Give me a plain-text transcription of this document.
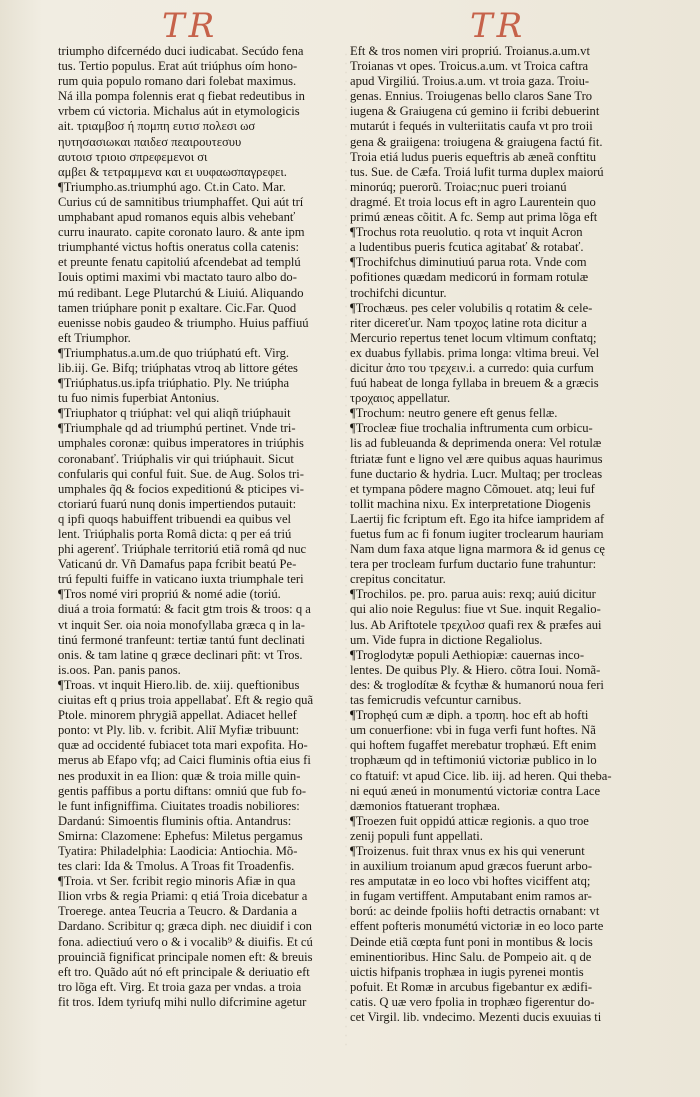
TR	TR
triumpho difcernédo duci iudicabat. Secúdo fena
tus. Tertio populus. Erat aút triúphus oím hono-
rum quia populo romano dari folebat maximus.
Ná illa pompa folennis erat q fiebat redeutibus in
vrbem cú victoria. Michalus aút in etymologicis
ait. τριαμβοσ ή πομπη ευτισ πολεσι ωσ
ηυτησασιωκαι παιδεσ πεαιρουτεσυυ
αυτοισ τριοιο σπρεφεμενοι σι
αμβει & τετραμμενα και ει υυφαωσπαγρεφει.
¶Triumpho.as.triumphú ago. Ct.in Cato. Mar.
Curius cú de samnitibus triumphaffet. Qui aút trí
umphabant apud romanos equis albis vehebanť
curru inaurato. capite coronato lauro. & ante ipm
triumphanté victus hoftis oneratus colla catenis:
et preunte fenatu capitoliú afcendebat ad templú
Iouis optimi maximi vbi mactato tauro albo do-
mú redibant. Lege Plutarchú & Liuiú. Aliquando
tamen triúphare ponit p exaltare. Cic.Far. Quod
euenisse nobis gaudeo & triumpho. Huius paffiuú
eft Triumphor.
¶Triumphatus.a.um.de quo triúphatú eft. Virg.
lib.iij. Ge. Bifq; triúphatas vtroq ab littore gétes
¶Triúphatus.us.ipfa triúphatio. Ply. Ne triúpha
tu fuo nimis fuperbiat Antonius.
¶Triuphator q triúphat: vel qui aliqñ triúphauit
¶Triumphale qd ad triumphú pertinet. Vnde tri-
umphales coronæ: quibus imperatores in triúphis
coronabanť. Triúphalis vir qui triúphauit. Sicut
confularis qui conful fuit. Sue. de Aug. Solos tri-
umphales q̃q & focios expeditionú & pticipes vi-
ctoriarú fuarú nunq donis impertiendos putauit:
q ipfi quoqs habuiffent tribuendi ea quibus vel
lent. Triúphalis porta Româ dicta: q per eá triú
phi agerenť. Triúphale territoriú etiã româ qd nuc
Vaticanú dr. Vñ Damafus papa fcribit beatú Pe-
trú fepulti fuiffe in vaticano iuxta triumphale teri
¶Tros nomé viri propriú & nomé adie (toriú.
diuá a troia formatú: & facit gtm trois & troos: q a
vt inquit Ser. oia noia monofyllaba græca q in la-
tinú fermoné tranfeunt: tertiæ tantú funt declinati
onis. & tam latine q græce declinari pñt: vt Tros.
is.oos. Pan. panis panos.
¶Troas. vt inquit Hiero.lib. de. xiij. queftionibus
ciuitas eft q prius troia appellabať. Eft & regio quã
Ptole. minorem phrygiã appellat. Adiacet hellef
ponto: vt Ply. lib. v. fcribit. Aliĭ Myfiæ tribuunt:
quæ ad occidenté fubiacet tota mari expofita. Ho-
merus ab Efapo vfq; ad Caici fluminis oftia eius fi
nes produxit in ea Ilion: quæ & troia mille quin-
gentis paffibus a portu diftans: omniú que fub fo-
le funt infigniffima. Ciuitates troadis nobiliores:
Dardanú: Simoentis fluminis oftia. Antandrus:
Smirna: Clazomene: Ephefus: Miletus pergamus
Tyatira: Philadelphia: Laodicia: Antiochia. Mõ-
tes clari: Ida & Tmolus. A Troas fit Troadenfis.
¶Troia. vt Ser. fcribit regio minoris Afiæ in qua
Ilion vrbs & regia Priami: q etiá Troia dicebatur a
Troerege. antea Teucria a Teucro. & Dardania a
Dardano. Scribitur q; græca diph. nec diuidif i con
fona. adiectiuú vero o & i vocalib⁹ & diuifis. Et cú
prouinciã fignificat principale nomen eft: & breuis
eft tro. Quãdo aút nó eft principale & deriuatio eft
tro lõga eft. Virg. Et troia gaza per vndas. a troia
fit tros. Idem tyriufq mihi nullo difcrimine agetur
Eft & tros nomen viri propriú. Troianus.a.um.vt
Troianas vt opes. Troicus.a.um. vt Troica caftra
apud Virgiliú. Troius.a.um. vt troia gaza. Troiu-
genas. Ennius. Troiugenas bello claros Sane Tro
iugena & Graiugena cú gemino ii fcribi debuerint
mutarút i fequés in vulteriitatis caufa vt pro troii
gena & graiigena: troiugena & graiugena factú fit.
Troia etiá ludus pueris equeftris ab æneã conftitu
tus. Sue. de Cæfa. Troiá lufit turma duplex maiorú
minorúq; puerorũ. Troiac;nuc pueri troianú
dragmé. Et troia locus eft in agro Laurentein quo
primú æneas cõitit. A fc. Semp aut prima lõga eft
¶Trochus rota reuolutio. q rota vt inquit Acron
a ludentibus pueris fcutica agitabať & rotabať.
¶Trochifchus diminutiuú parua rota. Vnde com
pofitiones quædam medicorú in formam rotulæ
trochifchi dicuntur.
¶Trochæus. pes celer volubilis q rotatim & cele-
riter dicereťur. Nam τροχος latine rota dicitur a
Mercurio repertus tenet locum vltimum conftatq;
ex duabus fyllabis. prima longa: vltima breui. Vel
dicitur ἀπο του τρεχειν.i. a curredo: quia curfum
fuú habeat de longa fyllaba in breuem & a græcis
τροχαιος appellatur.
¶Trochum: neutro genere eft genus fellæ.
¶Trocleæ fiue trochalia inftrumenta cum orbicu-
lis ad fubleuanda & deprimenda onera: Vel rotulæ
ftriatæ funt e ligno vel ære quibus aquas haurimus
fune ductario & hydria. Lucr. Multaq; per trocleas
et tympana pôdere magno Cõmouet. atq; leui fuf
tollit machina nixu. Ex interpretatione Diogenis
Laertij fic fcriptum eft. Ego ita hifce iampridem af
fuetus fum ac fi fonum iugiter troclearum hauriam
Nam dum faxa atque ligna marmora & id genus cę
tera per trocleam furfum ductario fune trahuntur:
crepitus concitatur.
¶Trochilos. pe. pro. parua auis: rexq; auiú dicitur
qui alio noie Regulus: fiue vt Sue. inquit Regalio-
lus. Ab Ariftotele τρεχιλοσ quafi rex & præfes aui
um. Vide fupra in dictione Regaliolus.
¶Troglodytæ populi Aethiopiæ: cauernas inco-
lentes. De quibus Ply. & Hiero. cõtra Ioui. Nomã-
des: & troglodítæ & fcythæ & humanorú noua feri
tas femicrudis vefcuntur carnibus.
¶Trophęú cum æ diph. a τροπη. hoc eft ab hofti
um conuerfione: vbi in fuga verfi funt hoftes. Nã
qui hoftem fugaffet merebatur trophæú. Eft enim
trophæum qd in teftimoniú victoriæ publico in lo
co ftatuif: vt apud Cice. lib. iij. ad heren. Qui theba-
ni equú æneú in monumentú victoriæ contra Lace
dæmonios ftatuerant trophæa.
¶Troezen fuit oppidú atticæ regionis. a quo troe
zenij populi funt appellati.
¶Troizenus. fuit thrax vnus ex his qui venerunt
in auxilium troianum apud græcos fuerunt arbo-
res amputatæ in eo loco vbi hoftes viciffent atq;
in fugam vertiffent. Amputabant enim ramos ar-
ború: ac deinde fpoliis hofti detractis ornabant: vt
effent pofteris monumétú victoriæ in eo loco parte
Deinde etiã cœpta funt poni in montibus & locis
eminentioribus. Hinc Salu. de Pompeio ait. q de
uictis hifpanis trophæa in iugis pyrenei montis
pofuit. Et Romæ in arcubus figebantur ex ædifi-
catis. Q uæ vero fpolia in trophæo figerentur do-
cet Virgil. lib. vndecimo. Mezenti ducis exuuias ti
